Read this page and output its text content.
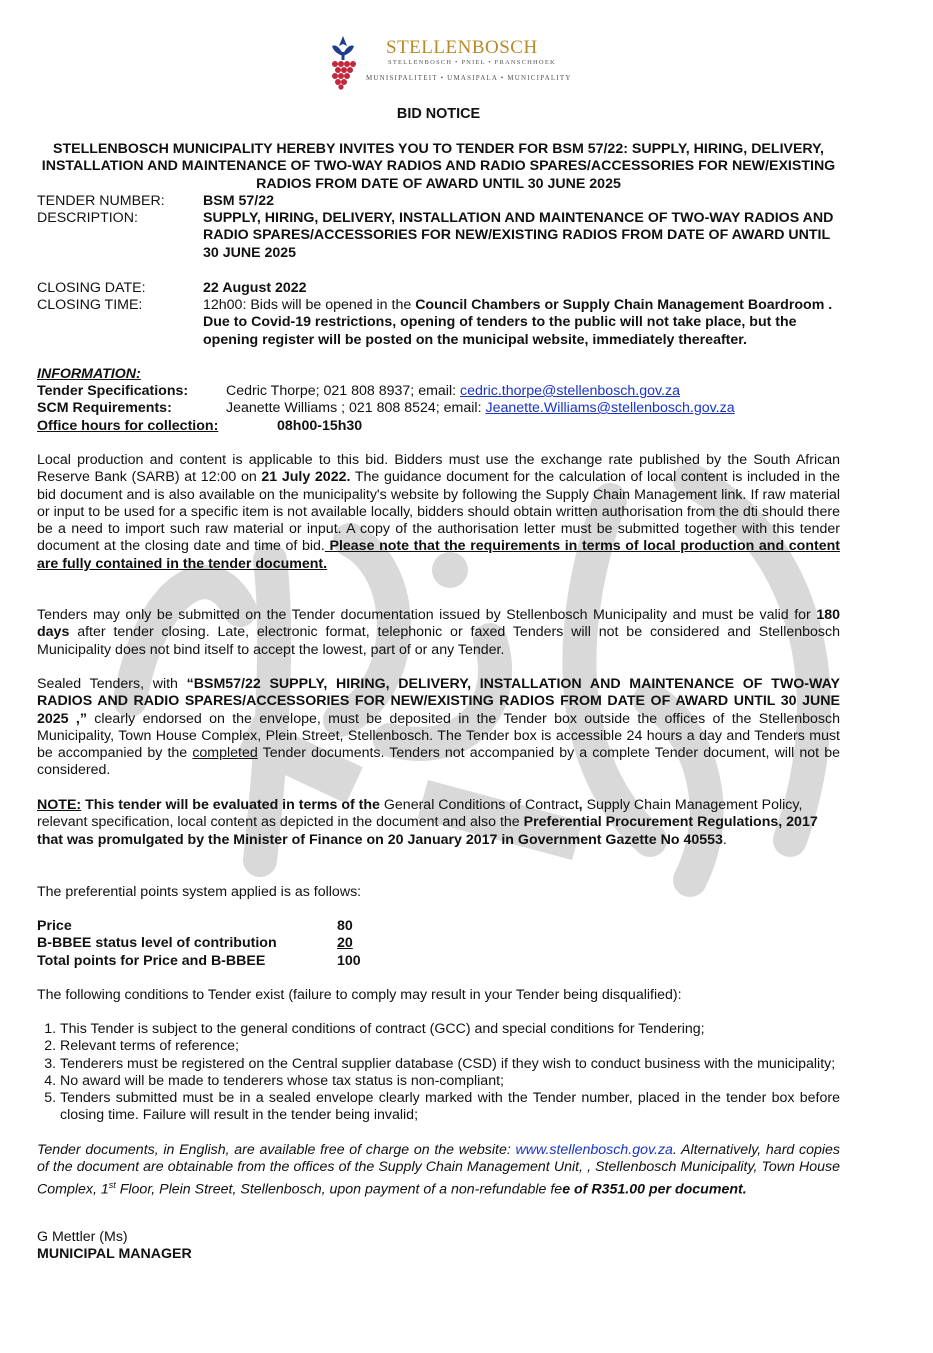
STELLENBOSCH
STELLENBOSCH • PNIEL • FRANSCHHOEK
MUNISIPALITEIT • UMASIPALA • MUNICIPALITY
BID NOTICE
STELLENBOSCH MUNICIPALITY HEREBY INVITES YOU TO TENDER FOR BSM 57/22: SUPPLY, HIRING, DELIVERY, INSTALLATION AND MAINTENANCE OF TWO-WAY RADIOS AND RADIO SPARES/ACCESSORIES FOR NEW/EXISTING RADIOS FROM DATE OF AWARD UNTIL 30 JUNE 2025
TENDER NUMBER:	BSM 57/22
DESCRIPTION:	SUPPLY, HIRING, DELIVERY, INSTALLATION AND MAINTENANCE OF TWO-WAY RADIOS AND RADIO SPARES/ACCESSORIES FOR NEW/EXISTING RADIOS FROM DATE OF AWARD UNTIL 30 JUNE 2025
CLOSING DATE:	22 August 2022
CLOSING TIME:	12h00: Bids will be opened in the Council Chambers or Supply Chain Management Boardroom . Due to Covid-19 restrictions, opening of tenders to the public will not take place, but the opening register will be posted on the municipal website, immediately thereafter.
INFORMATION:
Tender Specifications:	Cedric Thorpe; 021 808 8937; email: cedric.thorpe@stellenbosch.gov.za
SCM Requirements:	Jeanette Williams ; 021 808 8524; email: Jeanette.Williams@stellenbosch.gov.za
Office hours for collection:	08h00-15h30
Local production and content is applicable to this bid. Bidders must use the exchange rate published by the South African Reserve Bank (SARB) at 12:00 on 21 July 2022. The guidance document for the calculation of local content is included in the bid document and is also available on the municipality's website by following the Supply Chain Management link. If raw material or input to be used for a specific item is not available locally, bidders should obtain written authorisation from the dti should there be a need to import such raw material or input. A copy of the authorisation letter must be submitted together with this tender document at the closing date and time of bid. Please note that the requirements in terms of local production and content are fully contained in the tender document.
Tenders may only be submitted on the Tender documentation issued by Stellenbosch Municipality and must be valid for 180 days after tender closing. Late, electronic format, telephonic or faxed Tenders will not be considered and Stellenbosch Municipality does not bind itself to accept the lowest, part of or any Tender.
Sealed Tenders, with “BSM57/22 SUPPLY, HIRING, DELIVERY, INSTALLATION AND MAINTENANCE OF TWO-WAY RADIOS AND RADIO SPARES/ACCESSORIES FOR NEW/EXISTING RADIOS FROM DATE OF AWARD UNTIL 30 JUNE 2025 ,” clearly endorsed on the envelope, must be deposited in the Tender box outside the offices of the Stellenbosch Municipality, Town House Complex, Plein Street, Stellenbosch. The Tender box is accessible 24 hours a day and Tenders must be accompanied by the completed Tender documents. Tenders not accompanied by a complete Tender document, will not be considered.
NOTE: This tender will be evaluated in terms of the General Conditions of Contract, Supply Chain Management Policy, relevant specification, local content as depicted in the document and also the Preferential Procurement Regulations, 2017 that was promulgated by the Minister of Finance on 20 January 2017 in Government Gazette No 40553.
The preferential points system applied is as follows:
Price	80
B-BBEE status level of contribution	20
Total points for Price and B-BBEE	100
The following conditions to Tender exist (failure to comply may result in your Tender being disqualified):
1. This Tender is subject to the general conditions of contract (GCC) and special conditions for Tendering;
2. Relevant terms of reference;
3. Tenderers must be registered on the Central supplier database (CSD) if they wish to conduct business with the municipality;
4. No award will be made to tenderers whose tax status is non-compliant;
5. Tenders submitted must be in a sealed envelope clearly marked with the Tender number, placed in the tender box before closing time. Failure will result in the tender being invalid;
Tender documents, in English, are available free of charge on the website: www.stellenbosch.gov.za. Alternatively, hard copies of the document are obtainable from the offices of the Supply Chain Management Unit, , Stellenbosch Municipality, Town House Complex, 1st Floor, Plein Street, Stellenbosch, upon payment of a non-refundable fee of R351.00 per document.
G Mettler (Ms)
MUNICIPAL MANAGER
